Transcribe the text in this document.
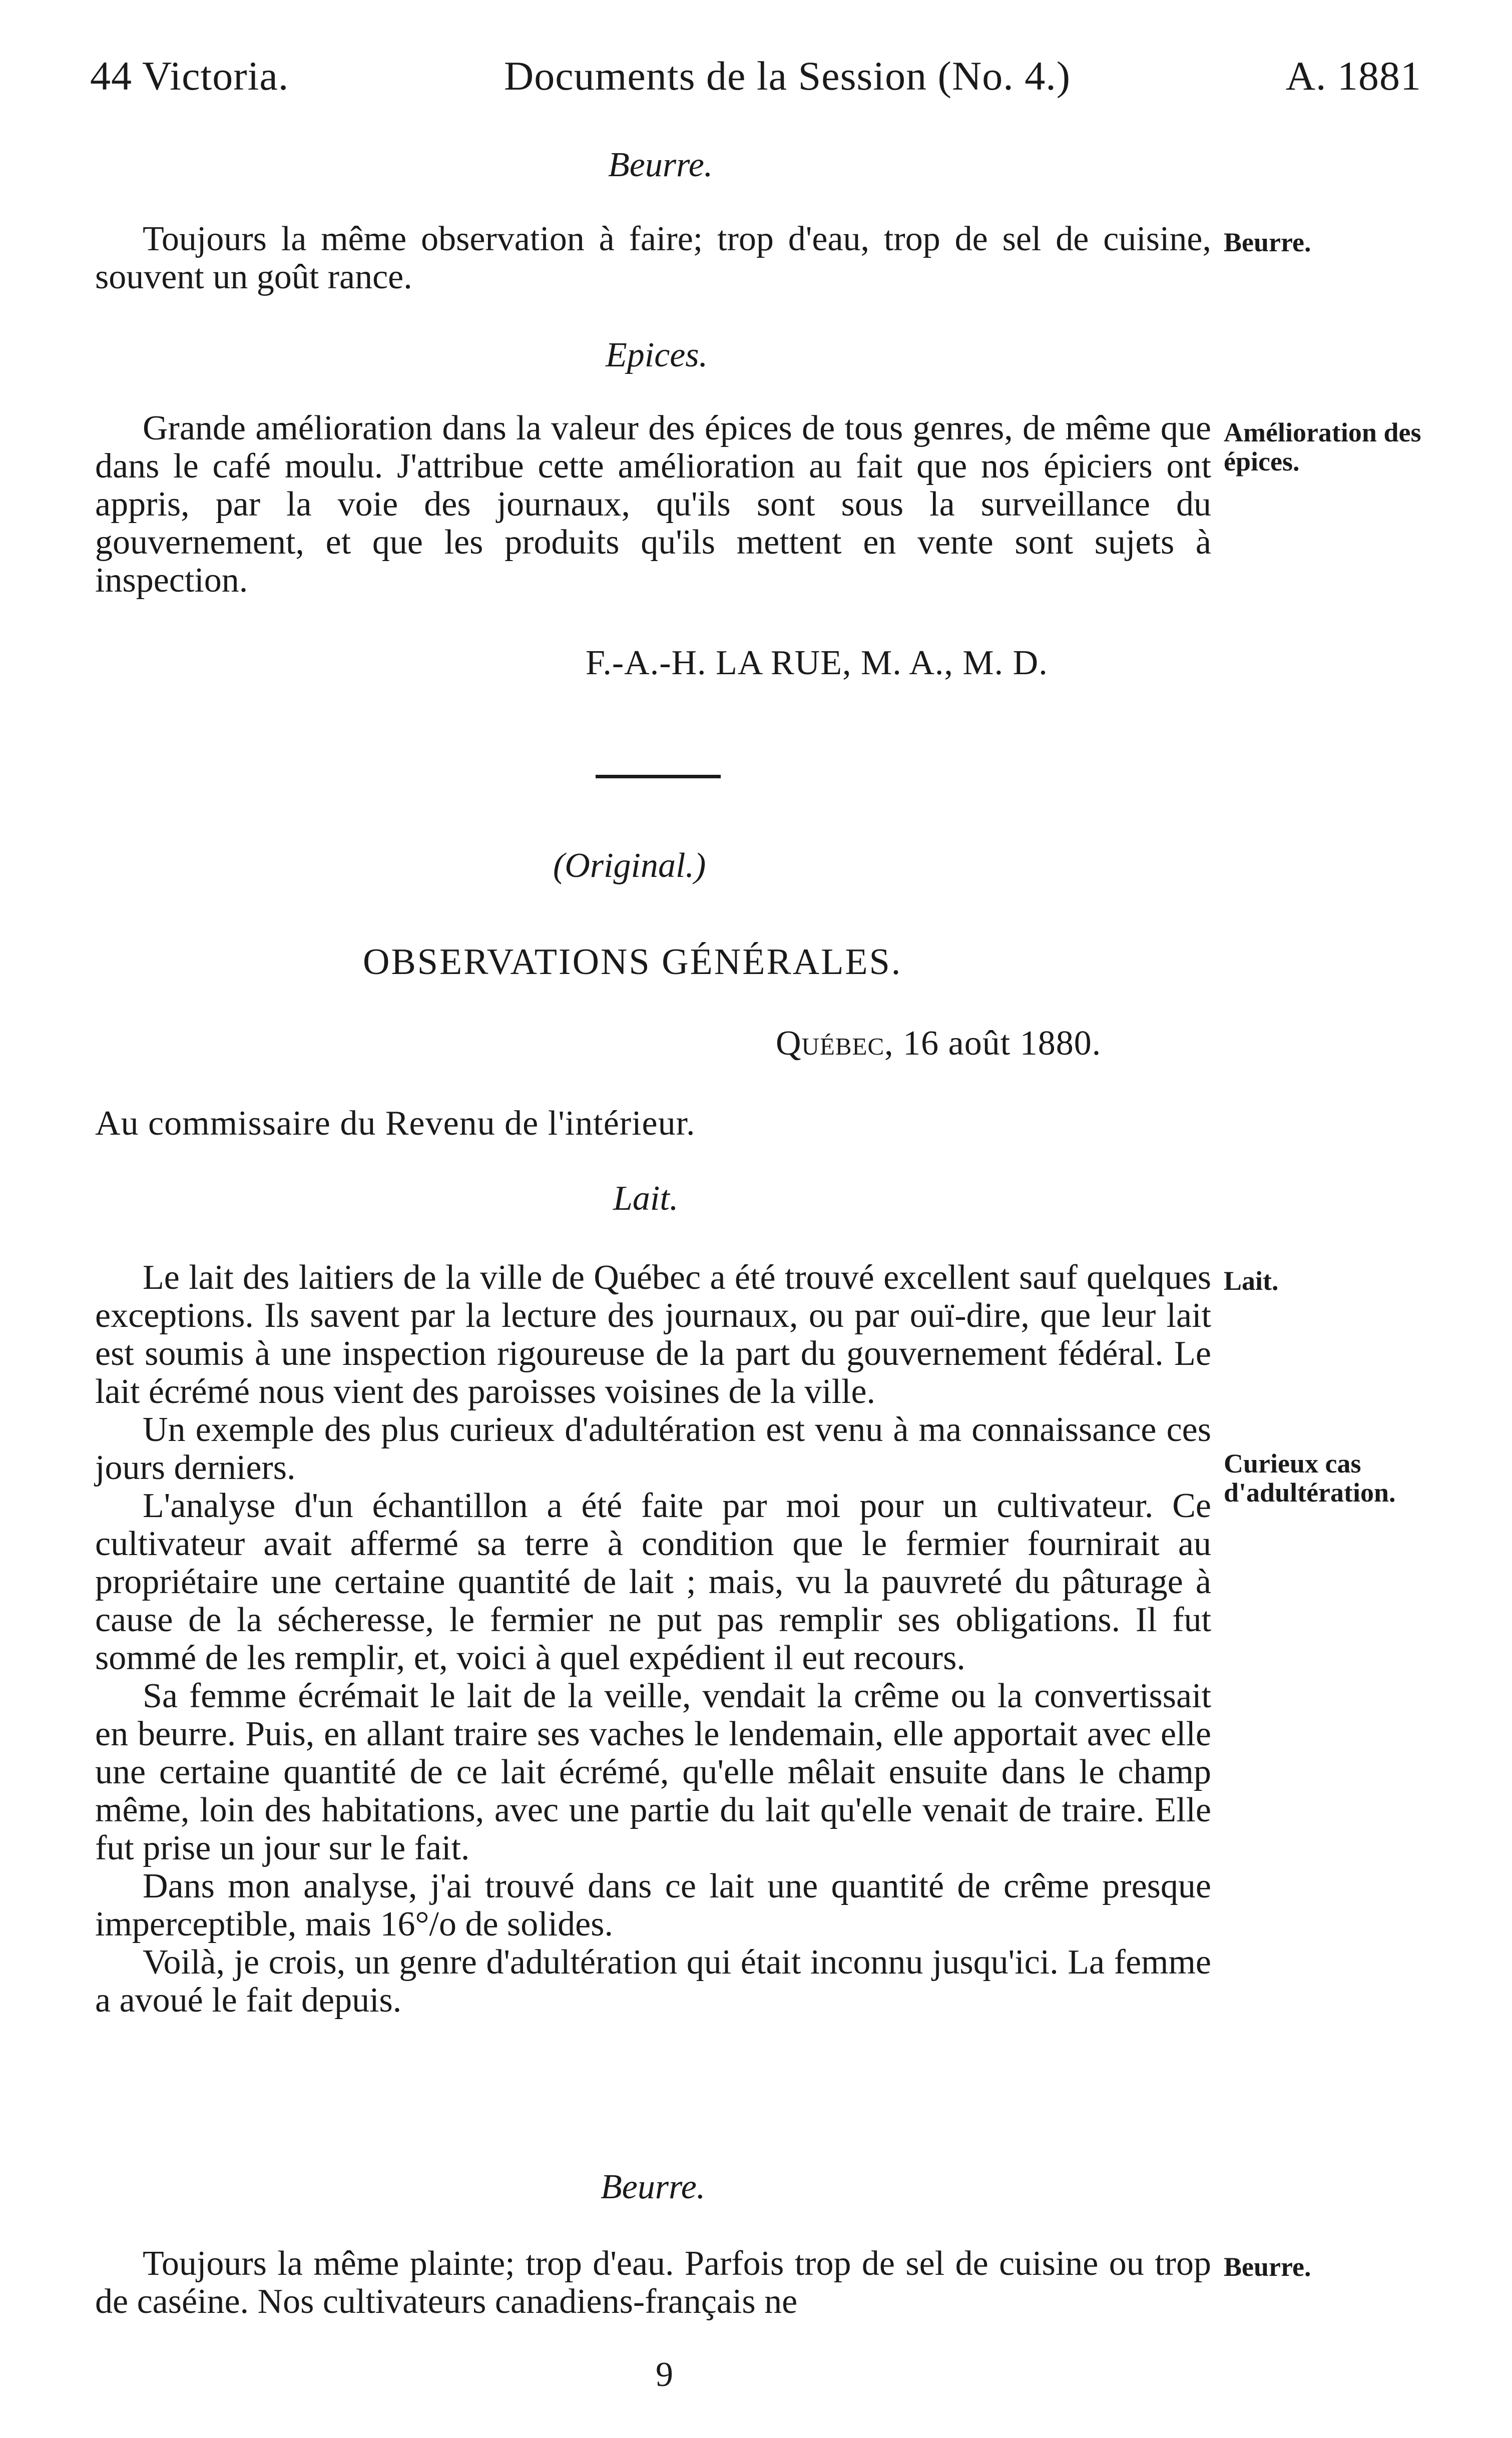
44 Victoria.	Documents de la Session (No. 4.)	A. 1881
Beurre.

Toujours la même observation à faire; trop d'eau, trop de sel de cuisine, souvent un goût rance.

Beurre.
Epices.

Grande amélioration dans la valeur des épices de tous genres, de même que dans le café moulu. J'attribue cette amélioration au fait que nos épiciers ont appris, par la voie des journaux, qu'ils sont sous la surveillance du gouvernement, et que les produits qu'ils mettent en vente sont sujets à inspection.

Amélioration des épices.
F.-A.-H. LA RUE, M. A., M. D.
(Original.)
OBSERVATIONS GÉNÉRALES.
Québec, 16 août 1880.
Au commissaire du Revenu de l'intérieur.
Lait.

Le lait des laitiers de la ville de Québec a été trouvé excellent sauf quelques exceptions. Ils savent par la lecture des journaux, ou par ouï-dire, que leur lait est soumis à une inspection rigoureuse de la part du gouvernement fédéral. Le lait écrémé nous vient des paroisses voisines de la ville.

Un exemple des plus curieux d'adultération est venu à ma connaissance ces jours derniers.

L'analyse d'un échantillon a été faite par moi pour un cultivateur. Ce cultivateur avait affermé sa terre à condition que le fermier fournirait au propriétaire une certaine quantité de lait ; mais, vu la pauvreté du pâturage à cause de la sécheresse, le fermier ne put pas remplir ses obligations. Il fut sommé de les remplir, et, voici à quel expédient il eut recours.

Sa femme écrémait le lait de la veille, vendait la crême ou la convertissait en beurre. Puis, en allant traire ses vaches le lendemain, elle apportait avec elle une certaine quantité de ce lait écrémé, qu'elle mêlait ensuite dans le champ même, loin des habitations, avec une partie du lait qu'elle venait de traire. Elle fut prise un jour sur le fait.

Dans mon analyse, j'ai trouvé dans ce lait une quantité de crême presque imperceptible, mais 16°/o de solides.

Voilà, je crois, un genre d'adultération qui était inconnu jusqu'ici. La femme a avoué le fait depuis.

Lait.
Curieux cas d'adultération.
Beurre.

Toujours la même plainte; trop d'eau. Parfois trop de sel de cuisine ou trop de caséine. Nos cultivateurs canadiens-français ne

Beurre.
9
